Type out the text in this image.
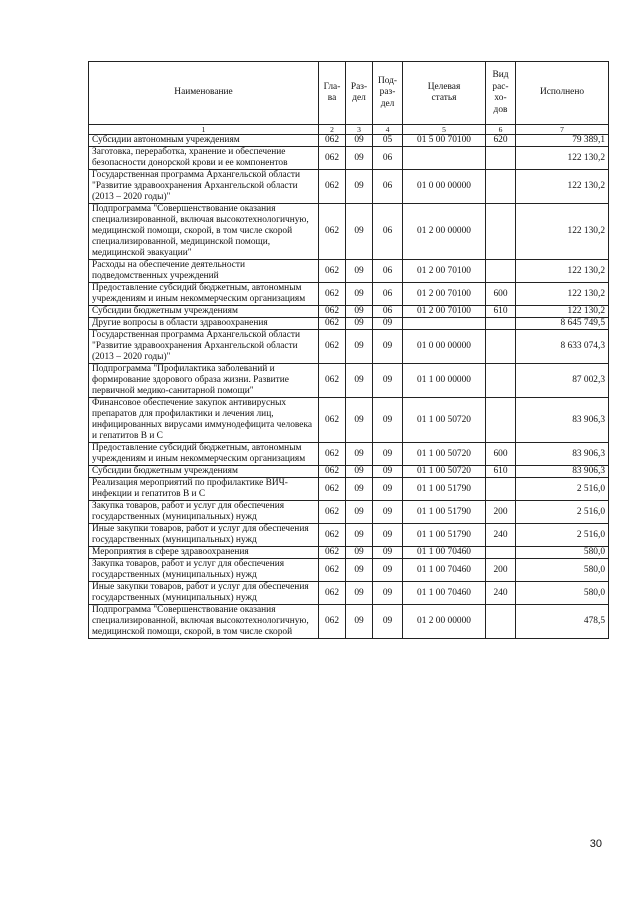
Наименование	Гла-
ва	Раз-
дел	Под-
раз-
дел	Целевая
статья	Вид
рас-
хо-
дов	Исполнено
1	2	3	4	5	6	7
Субсидии автономным учреждениям	062	09	05	01 5 00 70100	620	79 389,1
Заготовка, переработка, хранение и обеспечение безопасности донорской крови и ее компонентов	062	09	06			122 130,2
Государственная программа Архангельской области "Развитие здравоохранения Архангельской области (2013 – 2020 годы)"	062	09	06	01 0 00 00000		122 130,2
Подпрограмма "Совершенствование оказания специализированной, включая высокотехнологичную, медицинской помощи, скорой, в том числе скорой специализированной, медицинской помощи, медицинской эвакуации"	062	09	06	01 2 00 00000		122 130,2
Расходы на обеспечение деятельности подведомственных учреждений	062	09	06	01 2 00 70100		122 130,2
Предоставление субсидий бюджетным, автономным учреждениям и иным некоммерческим организациям	062	09	06	01 2 00 70100	600	122 130,2
Субсидии бюджетным учреждениям	062	09	06	01 2 00 70100	610	122 130,2
Другие вопросы в области здравоохранения	062	09	09			8 645 749,5
Государственная программа Архангельской области "Развитие здравоохранения Архангельской области (2013 – 2020 годы)"	062	09	09	01 0 00 00000		8 633 074,3
Подпрограмма "Профилактика заболеваний и формирование здорового образа жизни. Развитие первичной медико-санитарной помощи"	062	09	09	01 1 00 00000		87 002,3
Финансовое обеспечение закупок антивирусных препаратов для профилактики и лечения лиц, инфицированных вирусами иммунодефицита человека и гепатитов В и С	062	09	09	01 1 00 50720		83 906,3
Предоставление субсидий бюджетным, автономным учреждениям и иным некоммерческим организациям	062	09	09	01 1 00 50720	600	83 906,3
Субсидии бюджетным учреждениям	062	09	09	01 1 00 50720	610	83 906,3
Реализация мероприятий по профилактике ВИЧ-инфекции и гепатитов В и С	062	09	09	01 1 00 51790		2 516,0
Закупка товаров, работ и услуг для обеспечения государственных (муниципальных) нужд	062	09	09	01 1 00 51790	200	2 516,0
Иные закупки товаров, работ и услуг для обеспечения государственных (муниципальных) нужд	062	09	09	01 1 00 51790	240	2 516,0
Мероприятия в сфере здравоохранения	062	09	09	01 1 00 70460		580,0
Закупка товаров, работ и услуг для обеспечения государственных (муниципальных) нужд	062	09	09	01 1 00 70460	200	580,0
Иные закупки товаров, работ и услуг для обеспечения государственных (муниципальных) нужд	062	09	09	01 1 00 70460	240	580,0
Подпрограмма "Совершенствование оказания специализированной, включая высокотехнологичную, медицинской помощи, скорой, в том числе скорой	062	09	09	01 2 00 00000		478,5
30
